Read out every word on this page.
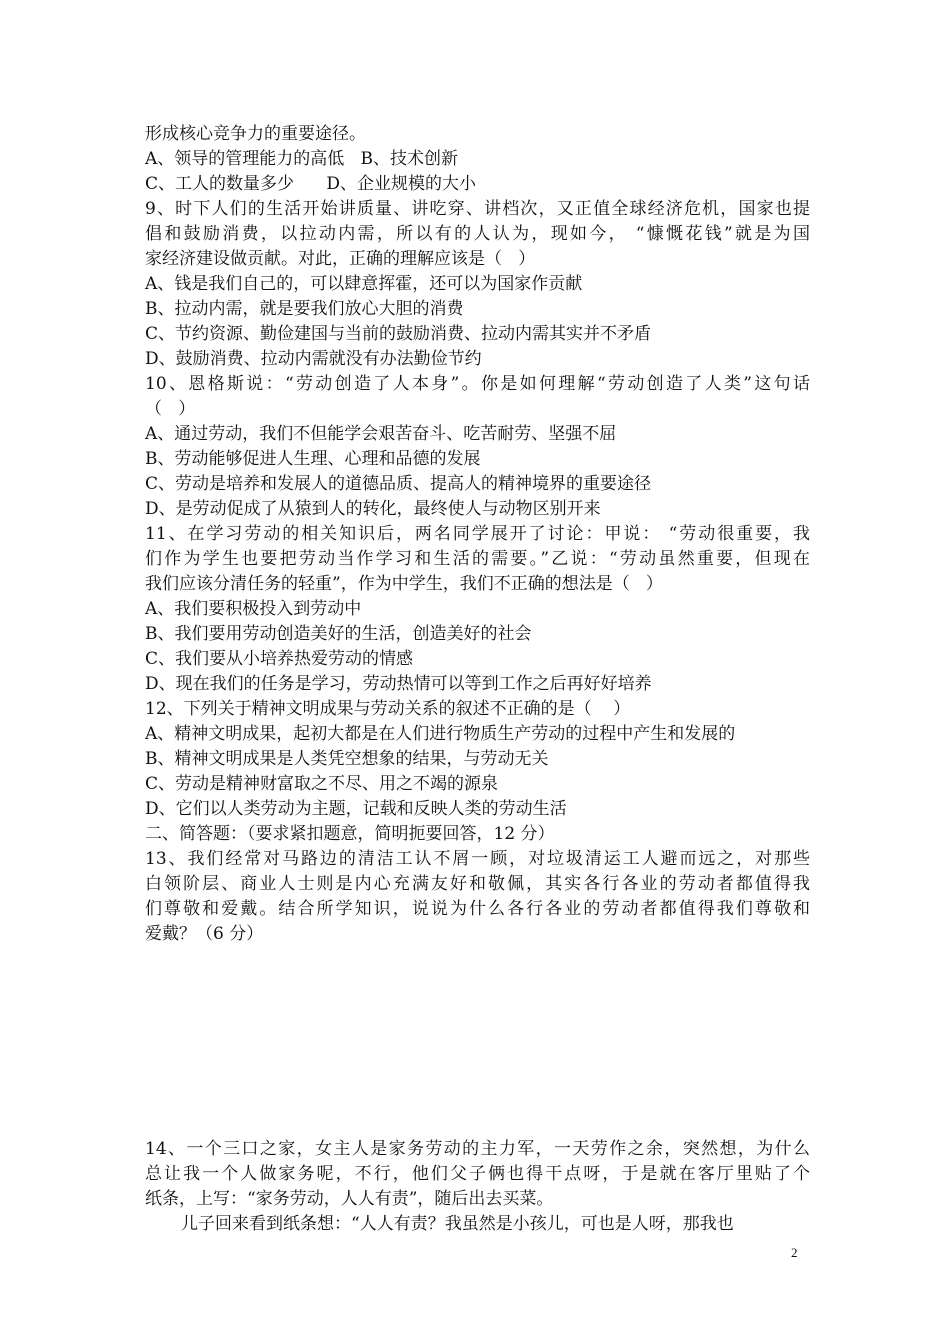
形成核心竞争力的重要途径。
A、领导的管理能力的高低   B、技术创新
C、工人的数量多少      D、企业规模的大小
9、时下人们的生活开始讲质量、讲吃穿、讲档次，又正值全球经济危机，国家也提
倡和鼓励消费，以拉动内需，所以有的人认为，现如今， “慷慨花钱”就是为国
家经济建设做贡献。对此，正确的理解应该是（   ）
A、钱是我们自己的，可以肆意挥霍，还可以为国家作贡献
B、拉动内需，就是要我们放心大胆的消费
C、节约资源、勤俭建国与当前的鼓励消费、拉动内需其实并不矛盾
D、鼓励消费、拉动内需就没有办法勤俭节约
10、恩格斯说：“劳动创造了人本身”。你是如何理解“劳动创造了人类”这句话
（   ）
A、通过劳动，我们不但能学会艰苦奋斗、吃苦耐劳、坚强不屈
B、劳动能够促进人生理、心理和品德的发展
C、劳动是培养和发展人的道德品质、提高人的精神境界的重要途径
D、是劳动促成了从猿到人的转化，最终使人与动物区别开来
11、在学习劳动的相关知识后，两名同学展开了讨论：甲说： “劳动很重要，我
们作为学生也要把劳动当作学习和生活的需要。”乙说：“劳动虽然重要，但现在
我们应该分清任务的轻重”，作为中学生，我们不正确的想法是（   ）
A、我们要积极投入到劳动中
B、我们要用劳动创造美好的生活，创造美好的社会
C、我们要从小培养热爱劳动的情感
D、现在我们的任务是学习，劳动热情可以等到工作之后再好好培养
12、下列关于精神文明成果与劳动关系的叙述不正确的是（    ）
A、精神文明成果，起初大都是在人们进行物质生产劳动的过程中产生和发展的
B、精神文明成果是人类凭空想象的结果，与劳动无关
C、劳动是精神财富取之不尽、用之不竭的源泉
D、它们以人类劳动为主题，记载和反映人类的劳动生活
二、简答题：（要求紧扣题意，简明扼要回答，12 分）
13、我们经常对马路边的清洁工认不屑一顾，对垃圾清运工人避而远之，对那些
白领阶层、商业人士则是内心充满友好和敬佩，其实各行各业的劳动者都值得我
们尊敬和爱戴。结合所学知识，说说为什么各行各业的劳动者都值得我们尊敬和
爱戴？（6 分）
14、一个三口之家，女主人是家务劳动的主力军，一天劳作之余，突然想，为什么
总让我一个人做家务呢，不行，他们父子俩也得干点呀，于是就在客厅里贴了个
纸条，上写：“家务劳动，人人有责”，随后出去买菜。
儿子回来看到纸条想：“人人有责？我虽然是小孩儿，可也是人呀，那我也
2
